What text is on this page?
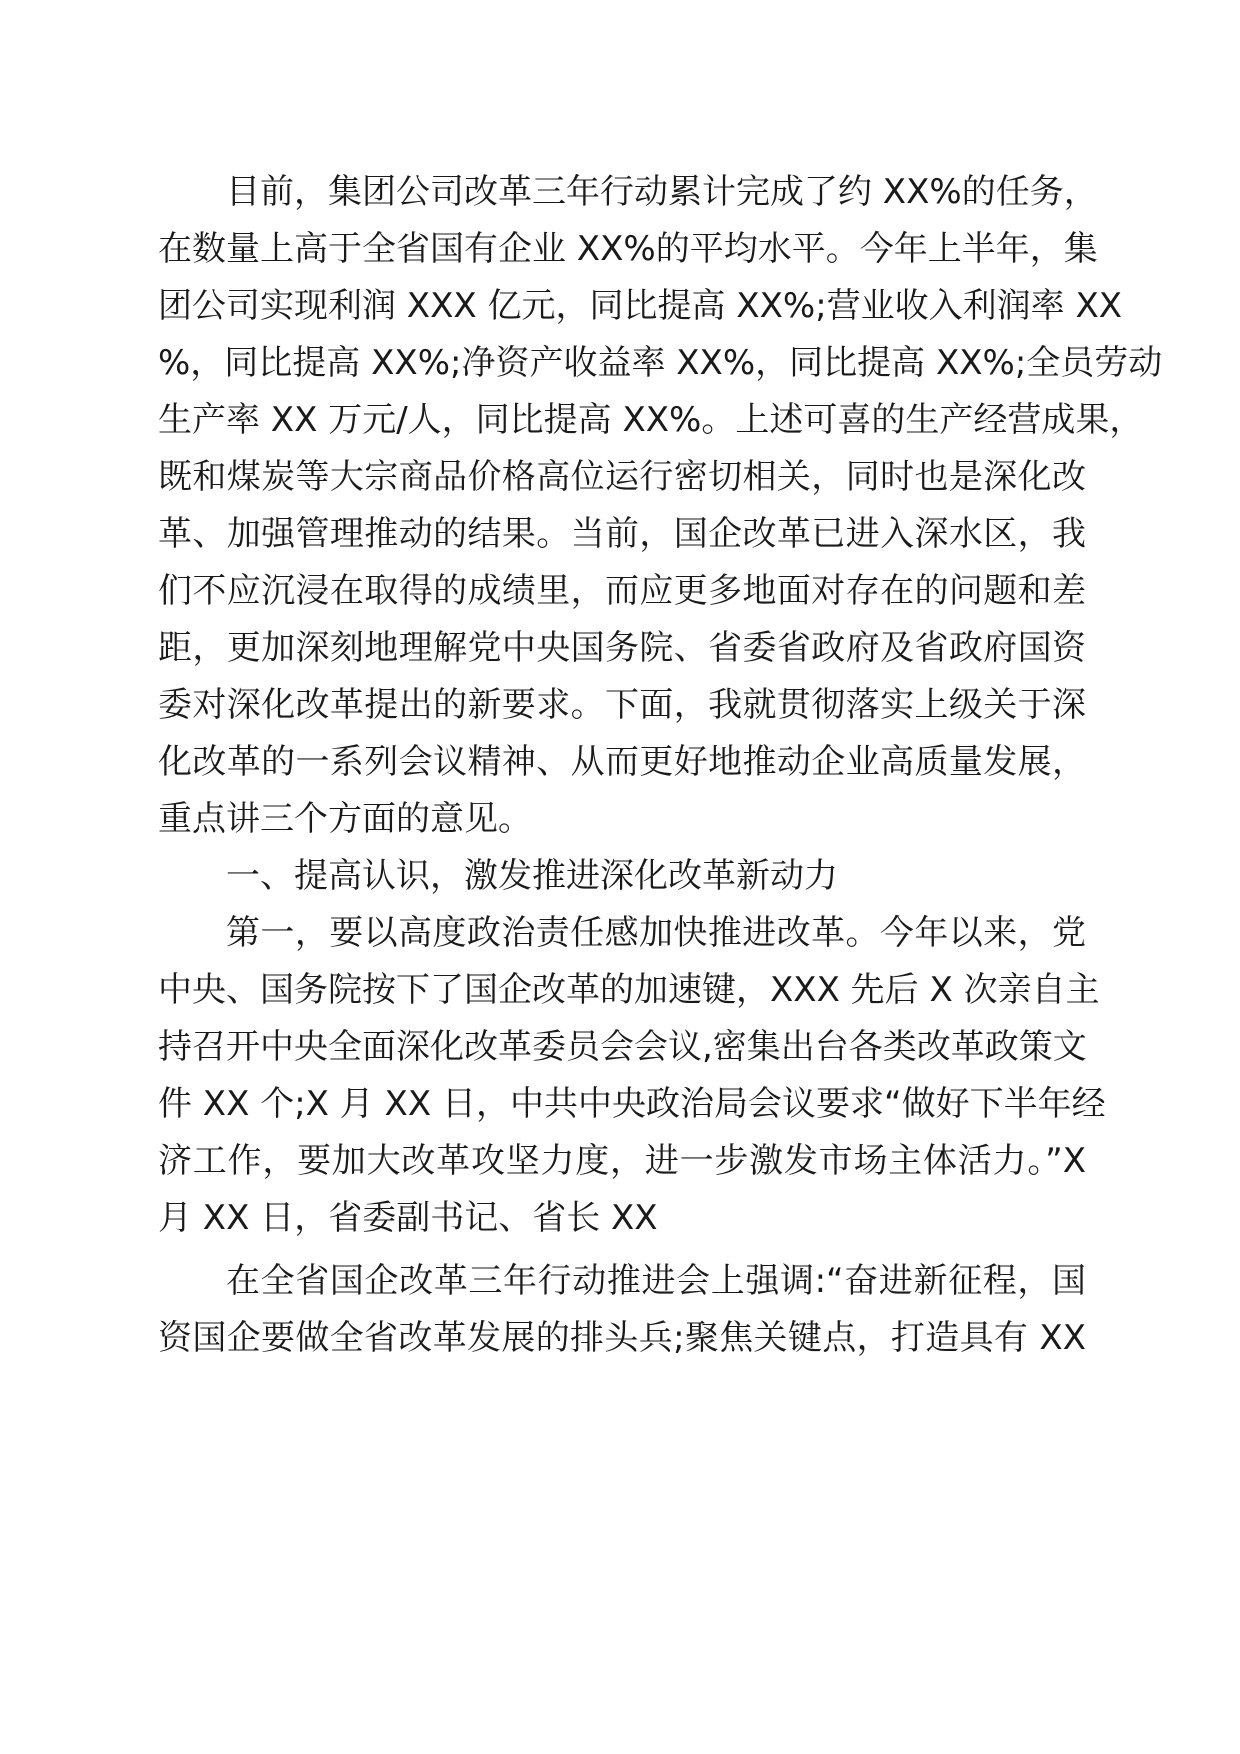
目前，集团公司改革三年行动累计完成了约 XX%的任务，

在数量上高于全省国有企业 XX%的平均水平。今年上半年，集

团公司实现利润 XXX 亿元，同比提高 XX%;营业收入利润率 XX

%，同比提高 XX%;净资产收益率 XX%，同比提高 XX%;全员劳动

生产率 XX 万元/人，同比提高 XX%。上述可喜的生产经营成果，

既和煤炭等大宗商品价格高位运行密切相关，同时也是深化改

革、加强管理推动的结果。当前，国企改革已进入深水区，我

们不应沉浸在取得的成绩里，而应更多地面对存在的问题和差

距，更加深刻地理解党中央国务院、省委省政府及省政府国资

委对深化改革提出的新要求。下面，我就贯彻落实上级关于深

化改革的一系列会议精神、从而更好地推动企业高质量发展，

重点讲三个方面的意见。

一、提高认识，激发推进深化改革新动力

第一，要以高度政治责任感加快推进改革。今年以来，党

中央、国务院按下了国企改革的加速键，XXX 先后 X 次亲自主

持召开中央全面深化改革委员会会议,密集出台各类改革政策文

件 XX 个;X 月 XX 日，中共中央政治局会议要求“做好下半年经

济工作，要加大改革攻坚力度，进一步激发市场主体活力。”X

月 XX 日，省委副书记、省长 XX

在全省国企改革三年行动推进会上强调:“奋进新征程，国

资国企要做全省改革发展的排头兵;聚焦关键点，打造具有 XX
